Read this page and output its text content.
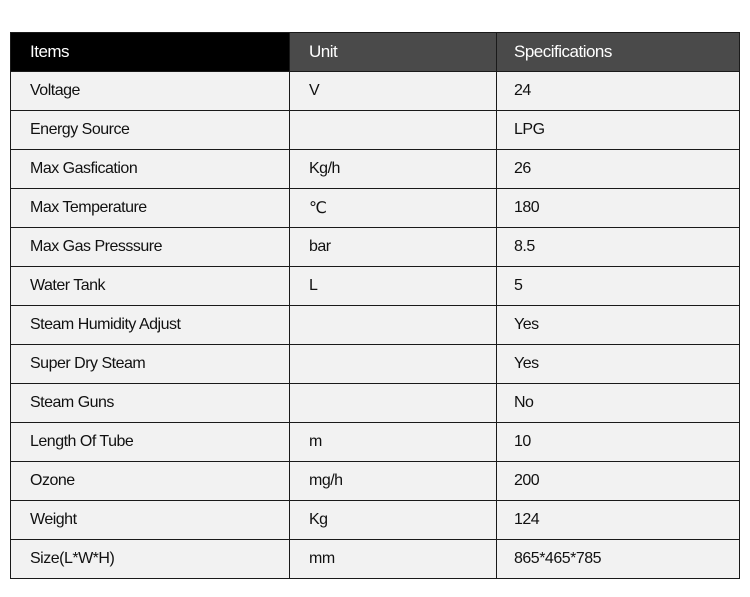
Items	Unit	Specifications
Voltage	V	24
Energy Source		LPG
Max Gasfication	Kg/h	26
Max Temperature	℃	180
Max Gas Presssure	bar	8.5
Water Tank	L	5
Steam Humidity Adjust		Yes
Super Dry Steam		Yes
Steam Guns		No
Length Of Tube	m	10
Ozone	mg/h	200
Weight	Kg	124
Size(L*W*H)	mm	865*465*785
